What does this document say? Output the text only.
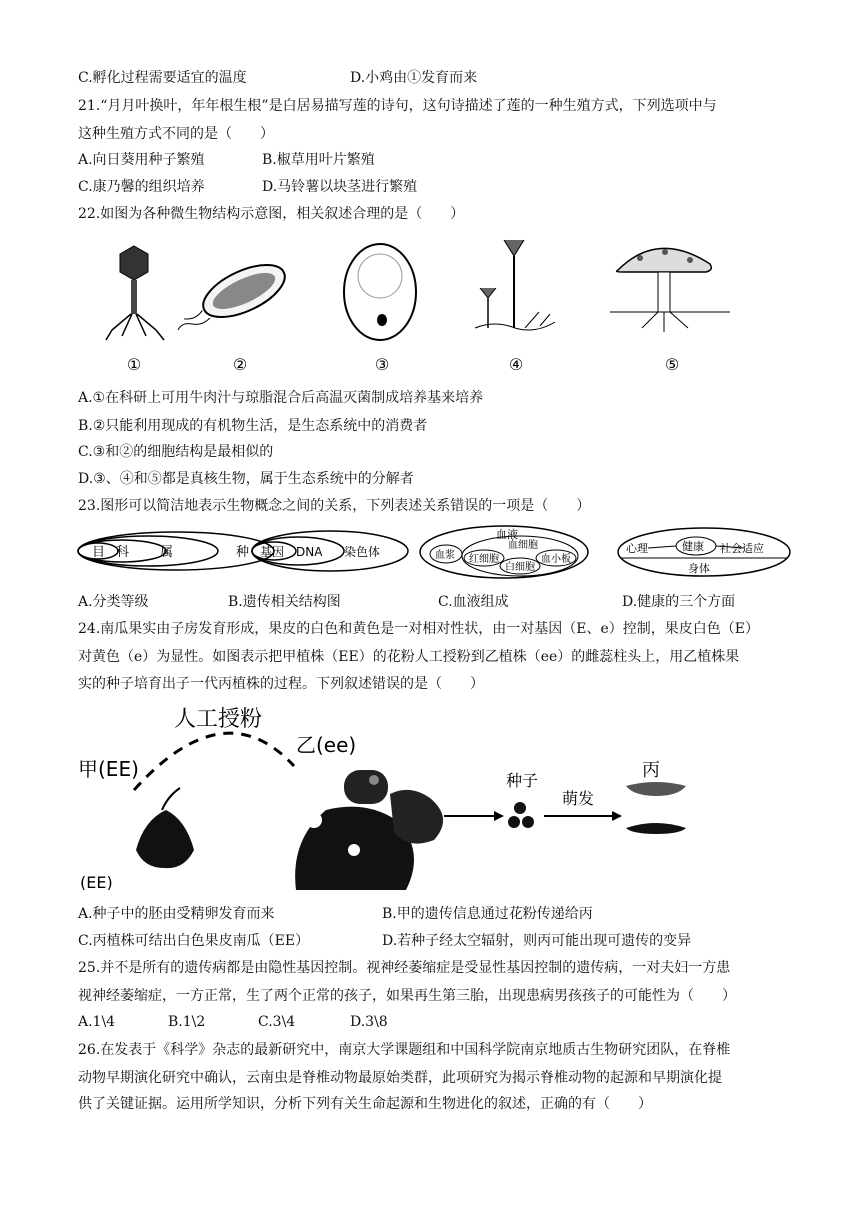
C.孵化过程需要适宜的温度	D.小鸡由①发育而来
21.“月月叶换叶，年年根生根”是白居易描写莲的诗句，这句诗描述了莲的一种生殖方式，下列选项中与
这种生殖方式不同的是（　　）
A.向日葵用种子繁殖	B.椒草用叶片繁殖
C.康乃馨的组织培养	D.马铃薯以块茎进行繁殖
22.如图为各种微生物结构示意图，相关叙述合理的是（　　）
①	②	③	④	⑤
A.①在科研上可用牛肉汁与琼脂混合后高温灭菌制成培养基来培养
B.②只能利用现成的有机物生活，是生态系统中的消费者
C.③和②的细胞结构是最相似的
D.③、④和⑤都是真核生物，属于生态系统中的分解者
23.图形可以简洁地表示生物概念之间的关系，下列表述关系错误的一项是（　　）
目 科 属	种 基因 DNA 染色体
血液
血浆
血细胞
红细胞
白细胞
血小板
健康
心理	社会适应
身体
A.分类等级	B.遗传相关结构图	C.血液组成	D.健康的三个方面
24.南瓜果实由子房发育形成，果皮的白色和黄色是一对相对性状，由一对基因（E、e）控制，果皮白色（E）
对黄色（e）为显性。如图表示把甲植株（EE）的花粉人工授粉到乙植株（ee）的雌蕊柱头上，用乙植株果
实的种子培育出子一代丙植株的过程。下列叙述错误的是（　　）
人工授粉
甲(EE)
乙(ee)
种子
萌发
丙
(EE)
A.种子中的胚由受精卵发育而来	B.甲的遗传信息通过花粉传递给丙
C.丙植株可结出白色果皮南瓜（EE）	D.若种子经太空辐射，则丙可能出现可遗传的变异
25.并不是所有的遗传病都是由隐性基因控制。视神经萎缩症是受显性基因控制的遗传病，一对夫妇一方患
视神经萎缩症，一方正常，生了两个正常的孩子，如果再生第三胎，出现患病男孩孩子的可能性为（　　）
A.1\4	B.1\2	C.3\4	D.3\8
26.在发表于《科学》杂志的最新研究中，南京大学课题组和中国科学院南京地质古生物研究团队，在脊椎
动物早期演化研究中确认，云南虫是脊椎动物最原始类群，此项研究为揭示脊椎动物的起源和早期演化提
供了关键证据。运用所学知识，分析下列有关生命起源和生物进化的叙述，正确的有（　　）
